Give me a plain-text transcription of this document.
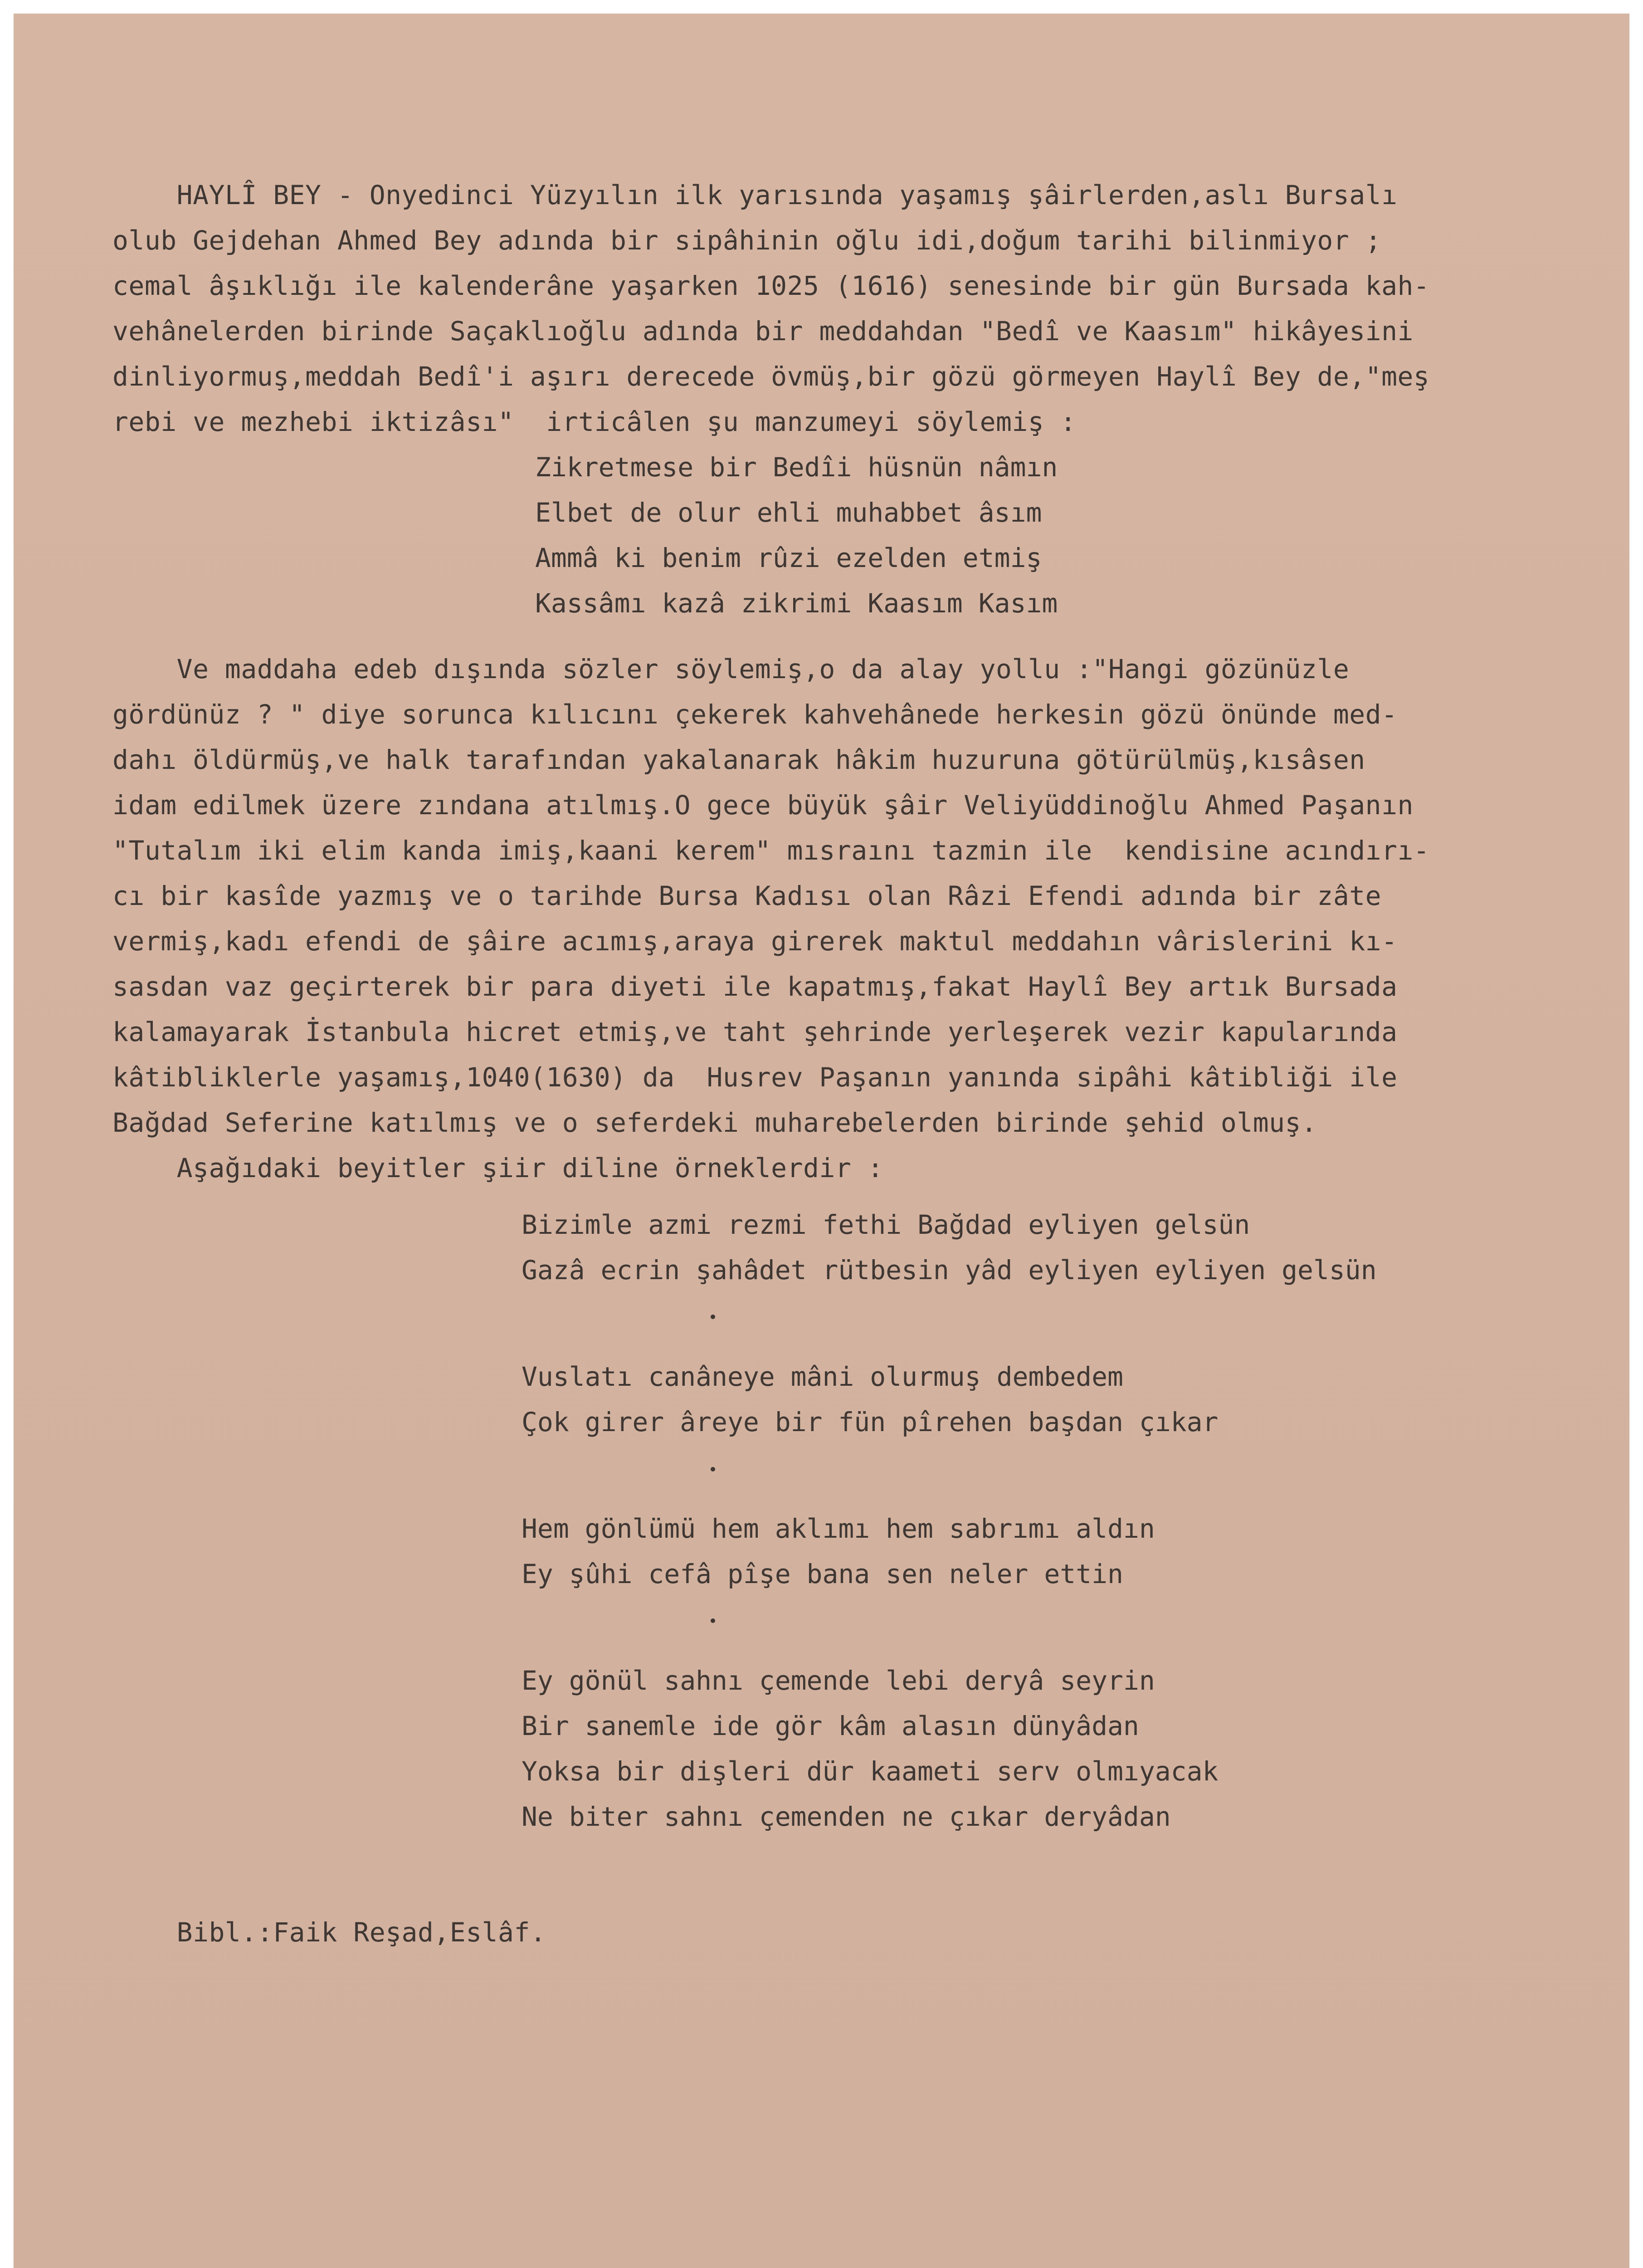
HAYLÎ BEY - Onyedinci Yüzyılın ilk yarısında yaşamış şâirlerden,aslı Bursalı
olub Gejdehan Ahmed Bey adında bir sipâhinin oğlu idi,doğum tarihi bilinmiyor ;
cemal âşıklığı ile kalenderâne yaşarken 1025 (1616) senesinde bir gün Bursada kah-
vehânelerden birinde Saçaklıoğlu adında bir meddahdan "Bedî ve Kaasım" hikâyesini
dinliyormuş,meddah Bedî'i aşırı derecede övmüş,bir gözü görmeyen Haylî Bey de,"meş
rebi ve mezhebi iktizâsı"  irticâlen şu manzumeyi söylemiş :
Zikretmese bir Bedîi hüsnün nâmın
Elbet de olur ehli muhabbet âsım
Ammâ ki benim rûzi ezelden etmiş
Kassâmı kazâ zikrimi Kaasım Kasım
Ve maddaha edeb dışında sözler söylemiş,o da alay yollu :"Hangi gözünüzle
gördünüz ? " diye sorunca kılıcını çekerek kahvehânede herkesin gözü önünde med-
dahı öldürmüş,ve halk tarafından yakalanarak hâkim huzuruna götürülmüş,kısâsen
idam edilmek üzere zındana atılmış.O gece büyük şâir Veliyüddinoğlu Ahmed Paşanın
"Tutalım iki elim kanda imiş,kaani kerem" mısraını tazmin ile  kendisine acındırı-
cı bir kasîde yazmış ve o tarihde Bursa Kadısı olan Râzi Efendi adında bir zâte
vermiş,kadı efendi de şâire acımış,araya girerek maktul meddahın vârislerini kı-
sasdan vaz geçirterek bir para diyeti ile kapatmış,fakat Haylî Bey artık Bursada
kalamayarak İstanbula hicret etmiş,ve taht şehrinde yerleşerek vezir kapularında
kâtibliklerle yaşamış,1040(1630) da  Husrev Paşanın yanında sipâhi kâtibliği ile
Bağdad Seferine katılmış ve o seferdeki muharebelerden birinde şehid olmuş.
Aşağıdaki beyitler şiir diline örneklerdir :
Bizimle azmi rezmi fethi Bağdad eyliyen gelsün
Gazâ ecrin şahâdet rütbesin yâd eyliyen eyliyen gelsün
Vuslatı canâneye mâni olurmuş dembedem
Çok girer âreye bir fün pîrehen başdan çıkar
Hem gönlümü hem aklımı hem sabrımı aldın
Ey şûhi cefâ pîşe bana sen neler ettin
Ey gönül sahnı çemende lebi deryâ seyrin
Bir sanemle ide gör kâm alasın dünyâdan
Yoksa bir dişleri dür kaameti serv olmıyacak
Ne biter sahnı çemenden ne çıkar deryâdan
Bibl.:Faik Reşad,Eslâf.
